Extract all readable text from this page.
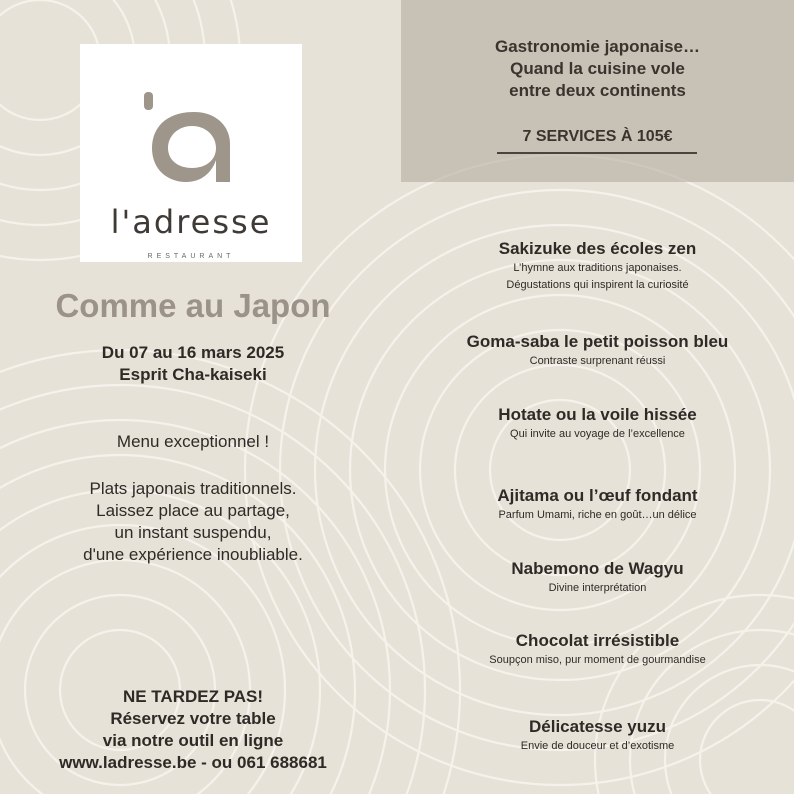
l'adresse
RESTAURANT
Comme au Japon
Du 07 au 16 mars 2025
Esprit Cha-kaiseki
Menu exceptionnel !
Plats japonais traditionnels.
Laissez place au partage,
un instant suspendu,
d'une expérience inoubliable.
NE TARDEZ PAS!
Réservez votre table
via notre outil en ligne
www.ladresse.be - ou 061 688681
Gastronomie japonaise…
Quand la cuisine vole
entre deux continents
7 SERVICES À 105€
Sakizuke des écoles zen
L’hymne aux traditions japonaises.
Dégustations qui inspirent la curiosité
Goma-saba le petit poisson bleu
Contraste surprenant réussi
Hotate ou la voile hissée
Qui invite au voyage de l’excellence
Ajitama ou l’œuf fondant
Parfum Umami, riche en goût…un délice
Nabemono de Wagyu
Divine interprétation
Chocolat irrésistible
Soupçon miso, pur moment de gourmandise
Délicatesse yuzu
Envie de douceur et d’exotisme
